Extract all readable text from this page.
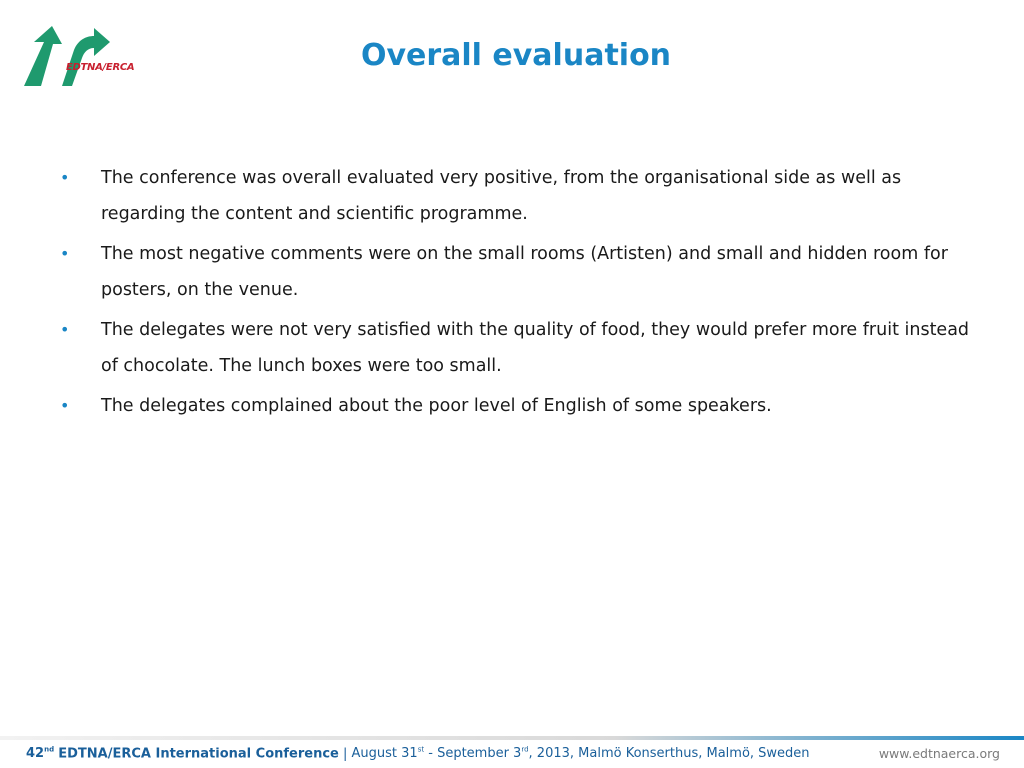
EDTNA/ERCA	Overall evaluation
• The conference was overall evaluated very positive, from the organisational side as well as regarding the content and scientific programme.
• The most negative comments were on the small rooms (Artisten) and small and hidden room for posters, on the venue.
• The delegates were not very satisfied with the quality of food, they would prefer more fruit instead of chocolate. The lunch boxes were too small.
• The delegates complained about the poor level of English of some speakers.
42nd EDTNA/ERCA International Conference | August 31st - September 3rd, 2013, Malmö Konserthus, Malmö, Sweden	www.edtnaerca.org
